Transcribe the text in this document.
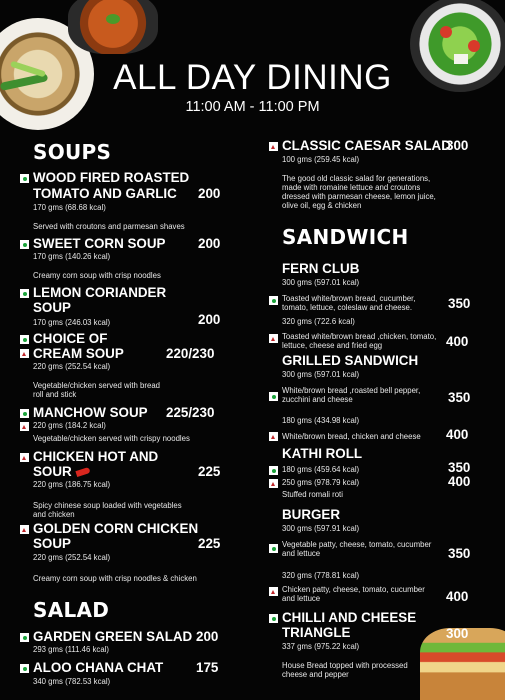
ALL DAY DINING
11:00 AM - 11:00 PM
SOUPS
WOOD FIRED ROASTED
TOMATO AND GARLIC 200
170 gms (68.68 kcal)
Served with croutons and parmesan shaves
SWEET CORN SOUP 200
170 gms (140.26 kcal)
Creamy corn soup with crisp noodles
LEMON CORIANDER
SOUP
200
170 gms (246.03 kcal)
CHOICE OF
CREAM SOUP	220/230
220 gms (252.54 kcal)
Vegetable/chicken served with bread
roll and stick
MANCHOW SOUP 225/230
220 gms (184.2 kcal)
Vegetable/chicken served with crispy noodles
CHICKEN HOT AND
SOUR	225
220 gms (186.75 kcal)
Spicy chinese soup loaded with vegetables
and chicken
GOLDEN CORN CHICKEN
SOUP	225
220 gms (252.54 kcal)
Creamy corn soup with crisp noodles & chicken
SALAD
GARDEN GREEN SALAD 200
293 gms (111.46 kcal)
ALOO CHANA CHAT 175
340 gms (782.53 kcal)
CLASSIC CAESAR SALAD
300
100 gms (259.45 kcal)
The good old classic salad for generations,
made with romaine lettuce and croutons
dressed with parmesan cheese, lemon juice,
olive oil, egg & chicken
SANDWICH
FERN CLUB
300 gms (597.01 kcal)
Toasted white/brown bread, cucumber,
tomato, lettuce, coleslaw and cheese.	350
320 gms (722.6 kcal)
Toasted white/brown bread ,chicken, tomato,
lettuce, cheese and fried egg	400
GRILLED SANDWICH
300 gms (597.01 kcal)
White/brown bread ,roasted bell pepper,
zucchini and cheese	350
180 gms (434.98 kcal)
White/brown bread, chicken and cheese 400
KATHI ROLL
180 gms (459.64 kcal)	350
250 gms (978.79 kcal)	400
Stuffed romali roti
BURGER
300 gms (597.91 kcal)
Vegetable patty, cheese, tomato, cucumber
and lettuce	350
320 gms (778.81 kcal)
Chicken patty, cheese, tomato, cucumber
and lettuce	400
CHILLI AND CHEESE
TRIANGLE	300
337 gms (975.22 kcal)
House Bread topped with processed
cheese and pepper
